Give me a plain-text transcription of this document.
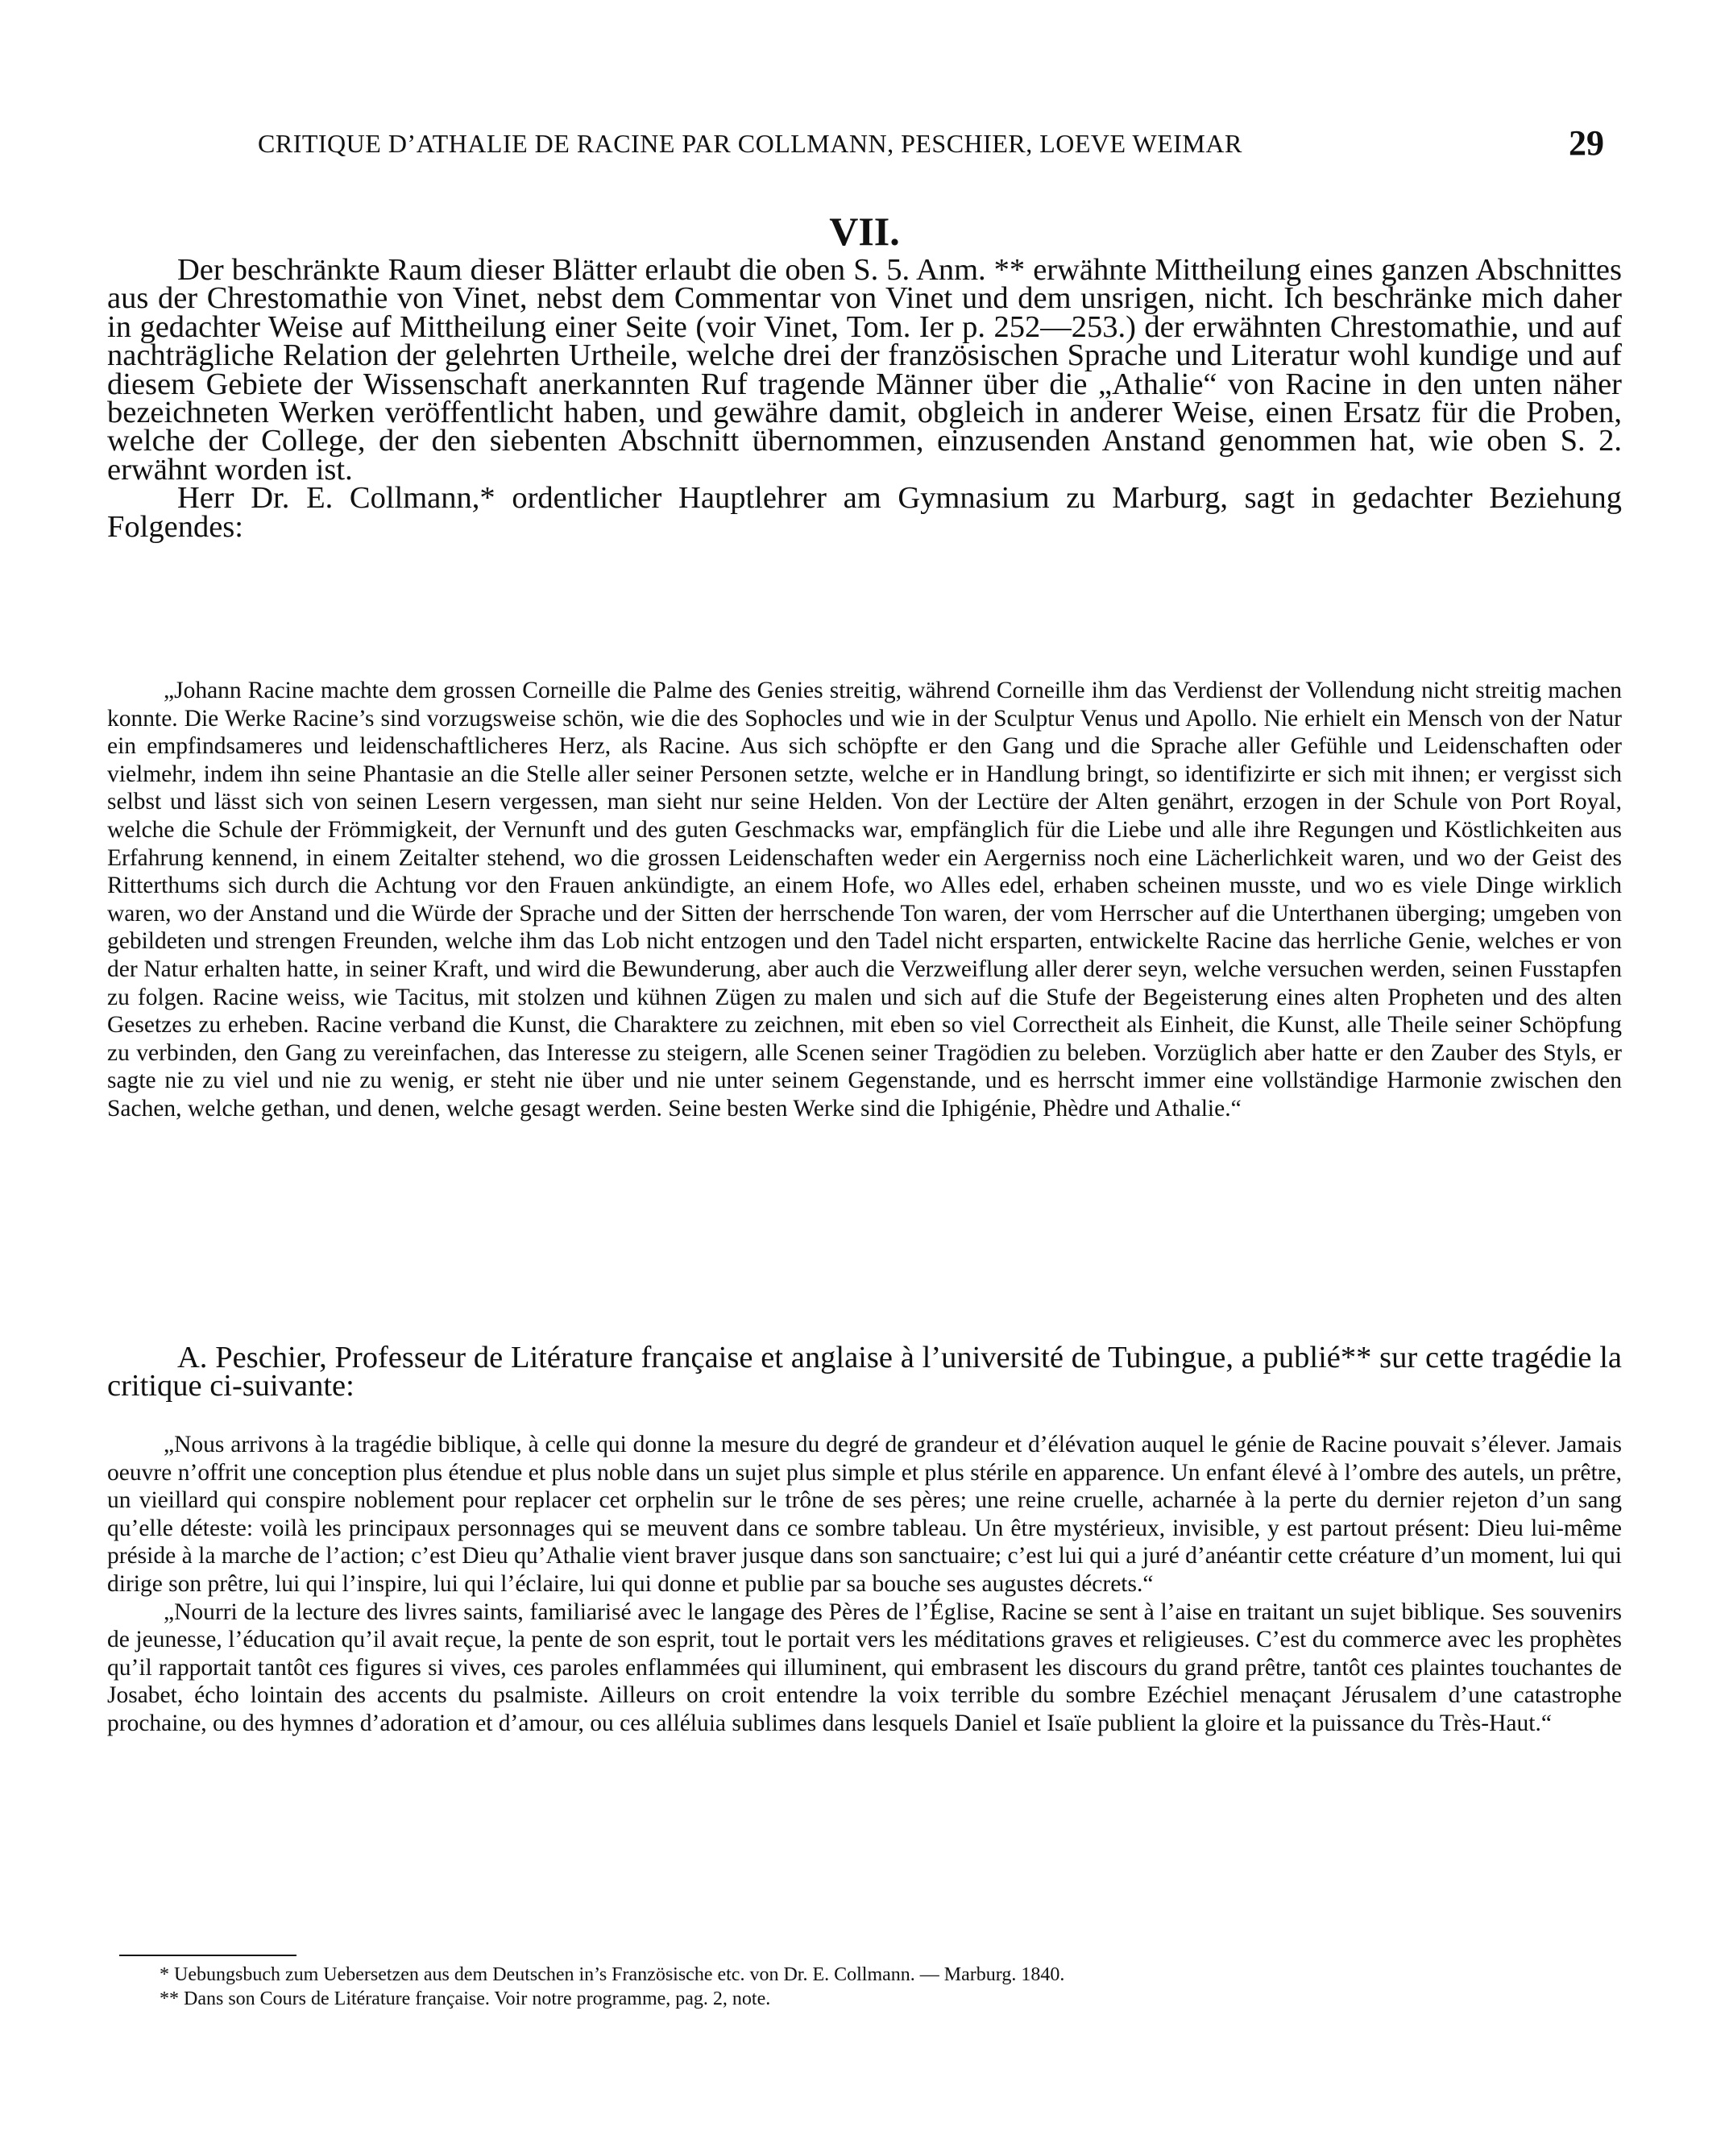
CRITIQUE D’ATHALIE DE RACINE PAR COLLMANN, PESCHIER, LOEVE WEIMAR	29
VII.

Der beschränkte Raum dieser Blätter erlaubt die oben S. 5. Anm. ** erwähnte Mittheilung eines ganzen Abschnittes aus der Chrestomathie von Vinet, nebst dem Commentar von Vinet und dem unsrigen, nicht. Ich beschränke mich daher in gedachter Weise auf Mittheilung einer Seite (voir Vinet, Tom. Ier p. 252—253.) der erwähnten Chrestomathie, und auf nachträgliche Relation der gelehrten Urtheile, welche drei der französischen Sprache und Literatur wohl kundige und auf diesem Gebiete der Wissenschaft anerkannten Ruf tragende Männer über die „Athalie“ von Racine in den unten näher bezeichneten Werken veröffentlicht haben, und gewähre damit, obgleich in anderer Weise, einen Ersatz für die Proben, welche der College, der den siebenten Abschnitt übernommen, einzusenden Anstand genommen hat, wie oben S. 2. erwähnt worden ist.

Herr Dr. E. Collmann,* ordentlicher Hauptlehrer am Gymnasium zu Marburg, sagt in gedachter Beziehung Folgendes:

„Johann Racine machte dem grossen Corneille die Palme des Genies streitig, während Corneille ihm das Verdienst der Vollendung nicht streitig machen konnte. Die Werke Racine’s sind vorzugsweise schön, wie die des Sophocles und wie in der Sculptur Venus und Apollo. Nie erhielt ein Mensch von der Natur ein empfindsameres und leidenschaftlicheres Herz, als Racine. Aus sich schöpfte er den Gang und die Sprache aller Gefühle und Leidenschaften oder vielmehr, indem ihn seine Phantasie an die Stelle aller seiner Personen setzte, welche er in Handlung bringt, so identifizirte er sich mit ihnen; er vergisst sich selbst und lässt sich von seinen Lesern vergessen, man sieht nur seine Helden. Von der Lectüre der Alten genährt, erzogen in der Schule von Port Royal, welche die Schule der Frömmigkeit, der Vernunft und des guten Geschmacks war, empfänglich für die Liebe und alle ihre Regungen und Köstlichkeiten aus Erfahrung kennend, in einem Zeitalter stehend, wo die grossen Leidenschaften weder ein Aergerniss noch eine Lächerlichkeit waren, und wo der Geist des Ritterthums sich durch die Achtung vor den Frauen ankündigte, an einem Hofe, wo Alles edel, erhaben scheinen musste, und wo es viele Dinge wirklich waren, wo der Anstand und die Würde der Sprache und der Sitten der herrschende Ton waren, der vom Herrscher auf die Unterthanen überging; umgeben von gebildeten und strengen Freunden, welche ihm das Lob nicht entzogen und den Tadel nicht ersparten, entwickelte Racine das herrliche Genie, welches er von der Natur erhalten hatte, in seiner Kraft, und wird die Bewunderung, aber auch die Verzweiflung aller derer seyn, welche versuchen werden, seinen Fusstapfen zu folgen. Racine weiss, wie Tacitus, mit stolzen und kühnen Zügen zu malen und sich auf die Stufe der Begeisterung eines alten Propheten und des alten Gesetzes zu erheben. Racine verband die Kunst, die Charaktere zu zeichnen, mit eben so viel Correctheit als Einheit, die Kunst, alle Theile seiner Schöpfung zu verbinden, den Gang zu vereinfachen, das Interesse zu steigern, alle Scenen seiner Tragödien zu beleben. Vorzüglich aber hatte er den Zauber des Styls, er sagte nie zu viel und nie zu wenig, er steht nie über und nie unter seinem Gegenstande, und es herrscht immer eine vollständige Harmonie zwischen den Sachen, welche gethan, und denen, welche gesagt werden. Seine besten Werke sind die Iphigénie, Phèdre und Athalie.“

A. Peschier, Professeur de Litérature française et anglaise à l’université de Tubingue, a publié** sur cette tragédie la critique ci-suivante:

„Nous arrivons à la tragédie biblique, à celle qui donne la mesure du degré de grandeur et d’élévation auquel le génie de Racine pouvait s’élever. Jamais oeuvre n’offrit une conception plus étendue et plus noble dans un sujet plus simple et plus stérile en apparence. Un enfant élevé à l’ombre des autels, un prêtre, un vieillard qui conspire noblement pour replacer cet orphelin sur le trône de ses pères; une reine cruelle, acharnée à la perte du dernier rejeton d’un sang qu’elle déteste: voilà les principaux personnages qui se meuvent dans ce sombre tableau. Un être mystérieux, invisible, y est partout présent: Dieu lui-même préside à la marche de l’action; c’est Dieu qu’Athalie vient braver jusque dans son sanctuaire; c’est lui qui a juré d’anéantir cette créature d’un moment, lui qui dirige son prêtre, lui qui l’inspire, lui qui l’éclaire, lui qui donne et publie par sa bouche ses augustes décrets.“

„Nourri de la lecture des livres saints, familiarisé avec le langage des Pères de l’Église, Racine se sent à l’aise en traitant un sujet biblique. Ses souvenirs de jeunesse, l’éducation qu’il avait reçue, la pente de son esprit, tout le portait vers les méditations graves et religieuses. C’est du commerce avec les prophètes qu’il rapportait tantôt ces figures si vives, ces paroles enflammées qui illuminent, qui embrasent les discours du grand prêtre, tantôt ces plaintes touchantes de Josabet, écho lointain des accents du psalmiste. Ailleurs on croit entendre la voix terrible du sombre Ezéchiel menaçant Jérusalem d’une catastrophe prochaine, ou des hymnes d’adoration et d’amour, ou ces alléluia sublimes dans lesquels Daniel et Isaïe publient la gloire et la puissance du Très-Haut.“

* Uebungsbuch zum Uebersetzen aus dem Deutschen in’s Französische etc. von Dr. E. Collmann. — Marburg. 1840.

** Dans son Cours de Litérature française. Voir notre programme, pag. 2, note.
